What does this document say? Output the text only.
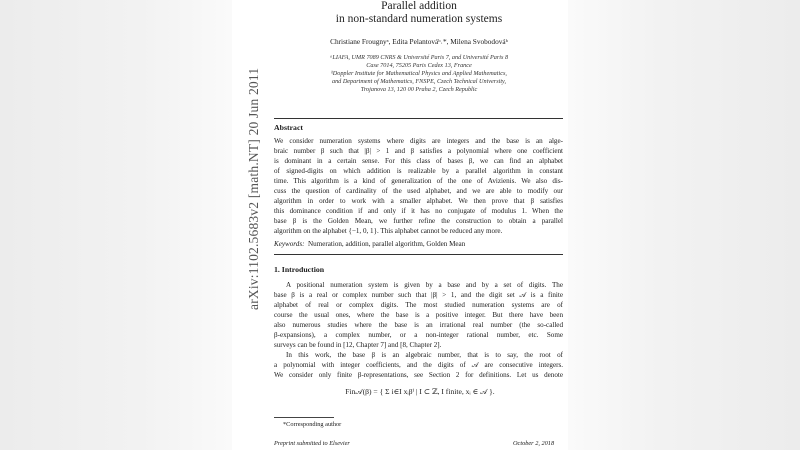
arXiv:1102.5683v2 [math.NT] 20 Jun 2011
Parallel addition
in non-standard numeration systems
Christiane Frougnyᵃ, Edita Pelantováᵇ˒*, Milena Svobodováᵇ
ᵃLIAFA, UMR 7089 CNRS & Université Paris 7, and Université Paris 8
Case 7014, 75205 Paris Cedex 13, France
ᵇDoppler Institute for Mathematical Physics and Applied Mathematics,
and Department of Mathematics, FNSPE, Czech Technical University,
Trojanova 13, 120 00 Praha 2, Czech Republic
Abstract
We consider numeration systems where digits are integers and the base is an alge-
braic number β such that |β| > 1 and β satisfies a polynomial where one coefficient
is dominant in a certain sense. For this class of bases β, we can find an alphabet
of signed-digits on which addition is realizable by a parallel algorithm in constant
time. This algorithm is a kind of generalization of the one of Avizienis. We also dis-
cuss the question of cardinality of the used alphabet, and we are able to modify our
algorithm in order to work with a smaller alphabet. We then prove that β satisfies
this dominance condition if and only if it has no conjugate of modulus 1. When the
base β is the Golden Mean, we further refine the construction to obtain a parallel
algorithm on the alphabet {−1, 0, 1}. This alphabet cannot be reduced any more.
Keywords: Numeration, addition, parallel algorithm, Golden Mean
1. Introduction
A positional numeration system is given by a base and by a set of digits. The
base β is a real or complex number such that |β| > 1, and the digit set 𝒜 is a finite
alphabet of real or complex digits. The most studied numeration systems are of
course the usual ones, where the base is a positive integer. But there have been
also numerous studies where the base is an irrational real number (the so-called
β-expansions), a complex number, or a non-integer rational number, etc. Some
surveys can be found in [12, Chapter 7] and [8, Chapter 2].
In this work, the base β is an algebraic number, that is to say, the root of
a polynomial with integer coefficients, and the digits of 𝒜 are consecutive integers.
We consider only finite β-representations, see Section 2 for definitions. Let us denote
Fin𝒜(β) = { Σ i∈I xᵢβⁱ | I ⊂ ℤ, I finite, xᵢ ∈ 𝒜 }.
*Corresponding author
Preprint submitted to Elsevier	October 2, 2018
